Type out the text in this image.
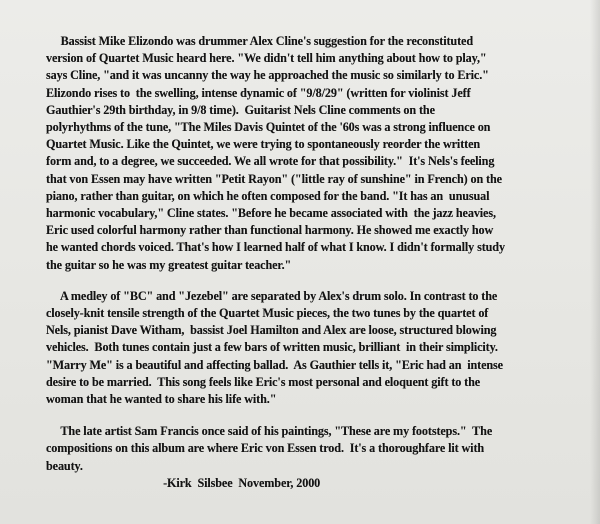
Bassist Mike Elizondo was drummer Alex Cline's suggestion for the reconstituted
version of Quartet Music heard here. "We didn't tell him anything about how to play,"
says Cline, "and it was uncanny the way he approached the music so similarly to Eric."
Elizondo rises to  the swelling, intense dynamic of "9/8/29" (written for violinist Jeff
Gauthier's 29th birthday, in 9/8 time).  Guitarist Nels Cline comments on the
polyrhythms of the tune, "The Miles Davis Quintet of the '60s was a strong influence on
Quartet Music. Like the Quintet, we were trying to spontaneously reorder the written
form and, to a degree, we succeeded. We all wrote for that possibility."  It's Nels's feeling
that von Essen may have written "Petit Rayon" ("little ray of sunshine" in French) on the
piano, rather than guitar, on which he often composed for the band. "It has an  unusual
harmonic vocabulary," Cline states. "Before he became associated with  the jazz heavies,
Eric used colorful harmony rather than functional harmony. He showed me exactly how
he wanted chords voiced. That's how I learned half of what I know. I didn't formally study
the guitar so he was my greatest guitar teacher."
A medley of "BC" and "Jezebel" are separated by Alex's drum solo. In contrast to the
closely-knit tensile strength of the Quartet Music pieces, the two tunes by the quartet of
Nels, pianist Dave Witham,  bassist Joel Hamilton and Alex are loose, structured blowing
vehicles.  Both tunes contain just a few bars of written music, brilliant  in their simplicity.
"Marry Me" is a beautiful and affecting ballad.  As Gauthier tells it, "Eric had an  intense
desire to be married.  This song feels like Eric's most personal and eloquent gift to the
woman that he wanted to share his life with."
The late artist Sam Francis once said of his paintings, "These are my footsteps."  The
compositions on this album are where Eric von Essen trod.  It's a thoroughfare lit with
beauty.
-Kirk  Silsbee  November, 2000
